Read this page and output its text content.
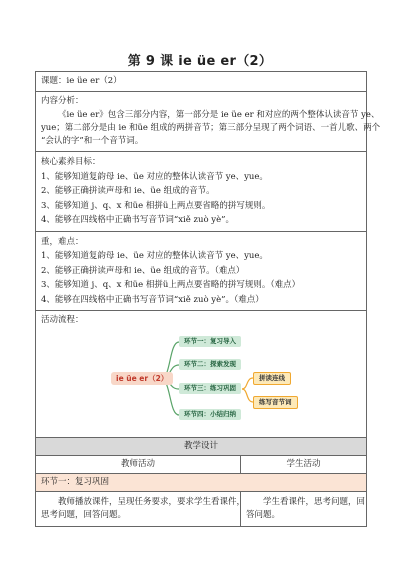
第 9 课 ie üe er（2）
课题：ie üe er（2）
内容分析：
《ie üe er》包含三部分内容，第一部分是 ie üe er 和对应的两个整体认读音节 ye、
yue；第二部分是由 ie 和üe 组成的两拼音节；第三部分呈现了两个词语、一首儿歌、两个
“会认的字”和一个音节词。
核心素养目标：
1、能够知道复韵母 ie、üe 对应的整体认读音节 ye、yue。
2、能够正确拼读声母和 ie、üe 组成的音节。
3、能够知道 j、q、x 和üe 相拼ü上两点要省略的拼写规则。
4、能够在四线格中正确书写音节词“xiě zuò yè”。
重，难点：
1、能够知道复韵母 ie、üe 对应的整体认读音节 ye、yue。
2、能够正确拼读声母和 ie、üe 组成的音节。（难点）
3、能够知道 j、q、x 和üe 相拼ü上两点要省略的拼写规则。（难点）
4、能够在四线格中正确书写音节词“xiě zuò yè”。（难点）
活动流程：
ie üe er（2）
环节一：复习导入
环节二：探索发现
环节三：练习巩固
环节四：小结归纳
拼读连线
练写音节词
教学设计
教师活动	学生活动
环节一：复习巩固
教师播放课件，呈现任务要求，要求学生看课件，
思考问题，回答问题。
学生看课件，思考问题，回
答问题。
